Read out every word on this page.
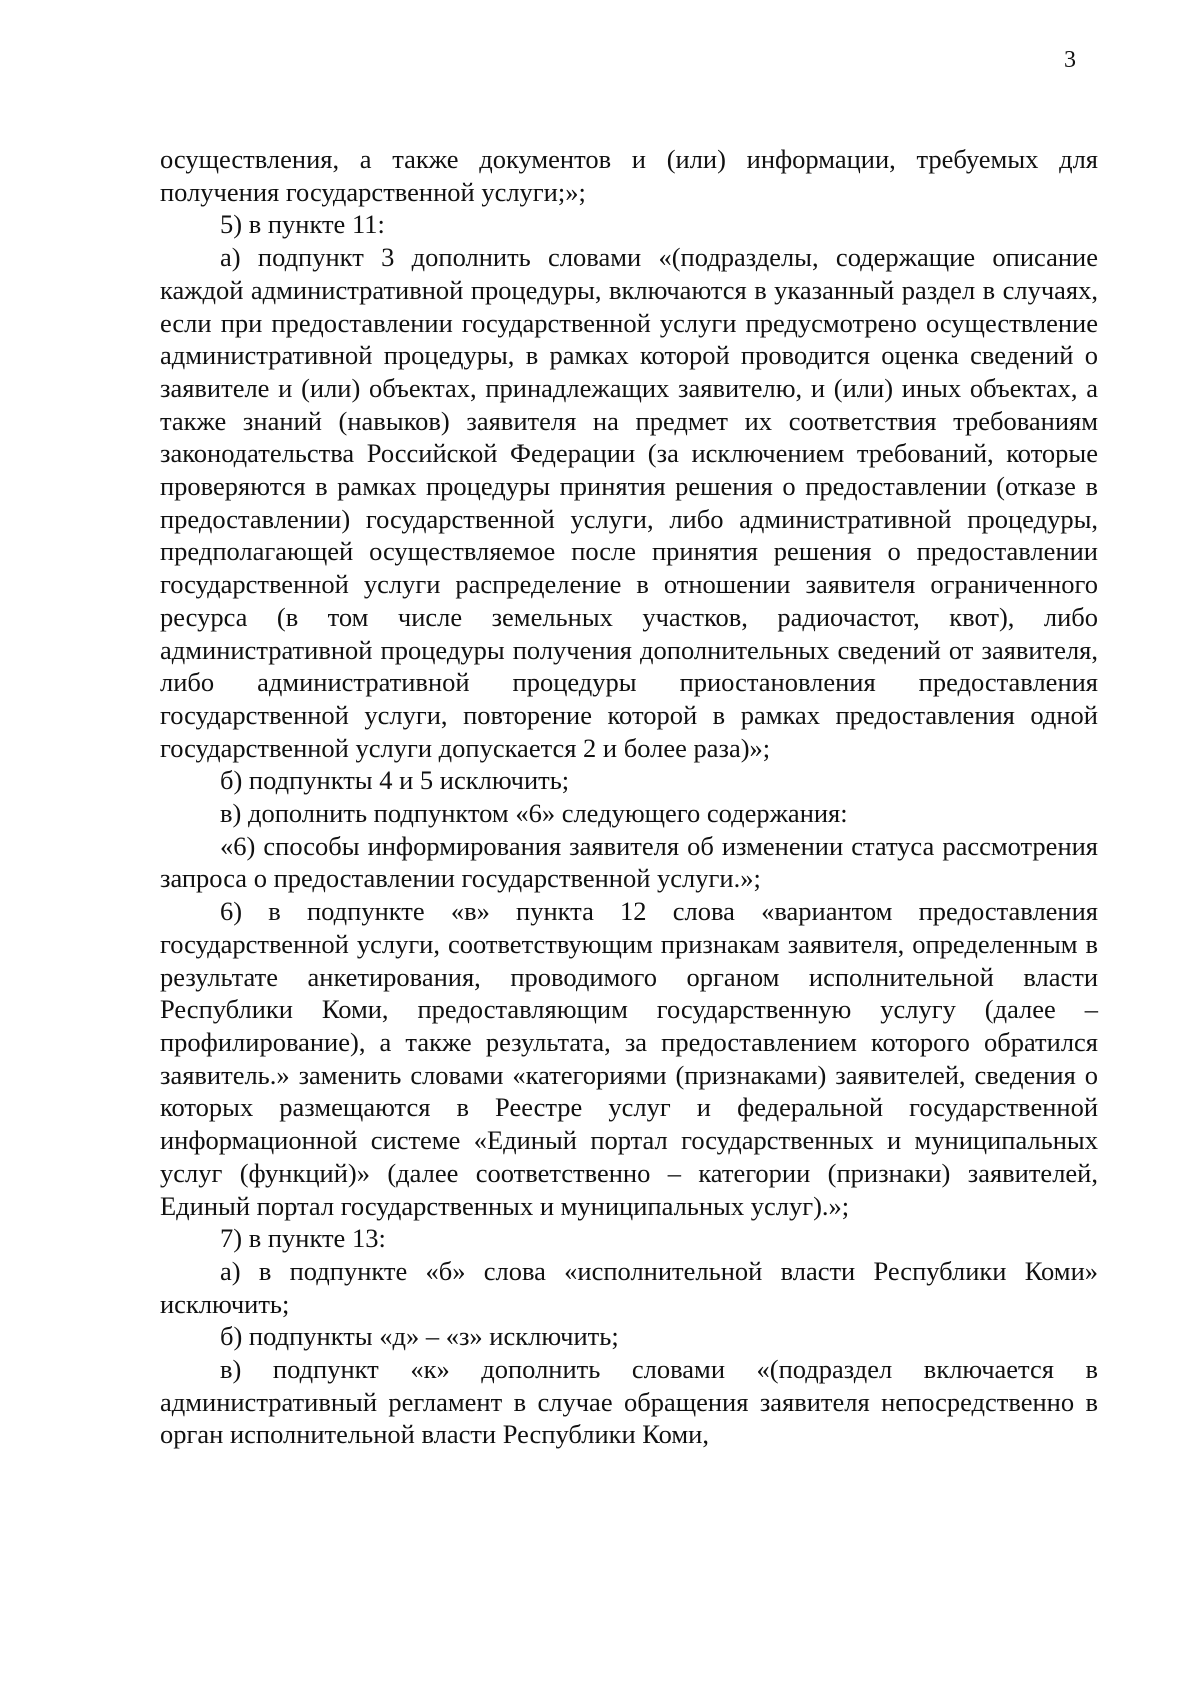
3

осуществления, а также документов и (или) информации, требуемых для получения государственной услуги;»;

5) в пункте 11:

а) подпункт 3 дополнить словами «(подразделы, содержащие описание каждой административной процедуры, включаются в указанный раздел в случаях, если при предоставлении государственной услуги предусмотрено осуществление административной процедуры, в рамках которой проводится оценка сведений о заявителе и (или) объектах, принадлежащих заявителю, и (или) иных объектах, а также знаний (навыков) заявителя на предмет их соответствия требованиям законодательства Российской Федерации (за исключением требований, которые проверяются в рамках процедуры принятия решения о предоставлении (отказе в предоставлении) государственной услуги, либо административной процедуры, предполагающей осуществляемое после принятия решения о предоставлении государственной услуги распределение в отношении заявителя ограниченного ресурса (в том числе земельных участков, радиочастот, квот), либо административной процедуры получения дополнительных сведений от заявителя, либо административной процедуры приостановления предоставления государственной услуги, повторение которой в рамках предоставления одной государственной услуги допускается 2 и более раза)»;

б) подпункты 4 и 5 исключить;

в) дополнить подпунктом «6» следующего содержания:

«6) способы информирования заявителя об изменении статуса рассмотрения запроса о предоставлении государственной услуги.»;

6) в подпункте «в» пункта 12 слова «вариантом предоставления государственной услуги, соответствующим признакам заявителя, определенным в результате анкетирования, проводимого органом исполнительной власти Республики Коми, предоставляющим государственную услугу (далее – профилирование), а также результата, за предоставлением которого обратился заявитель.» заменить словами «категориями (признаками) заявителей, сведения о которых размещаются в Реестре услуг и федеральной государственной информационной системе «Единый портал государственных и муниципальных услуг (функций)» (далее соответственно – категории (признаки) заявителей, Единый портал государственных и муниципальных услуг).»;

7) в пункте 13:

а) в подпункте «б» слова «исполнительной власти Республики Коми» исключить;

б) подпункты «д» – «з» исключить;

в) подпункт «к» дополнить словами «(подраздел включается в административный регламент в случае обращения заявителя непосредственно в орган исполнительной власти Республики Коми,
